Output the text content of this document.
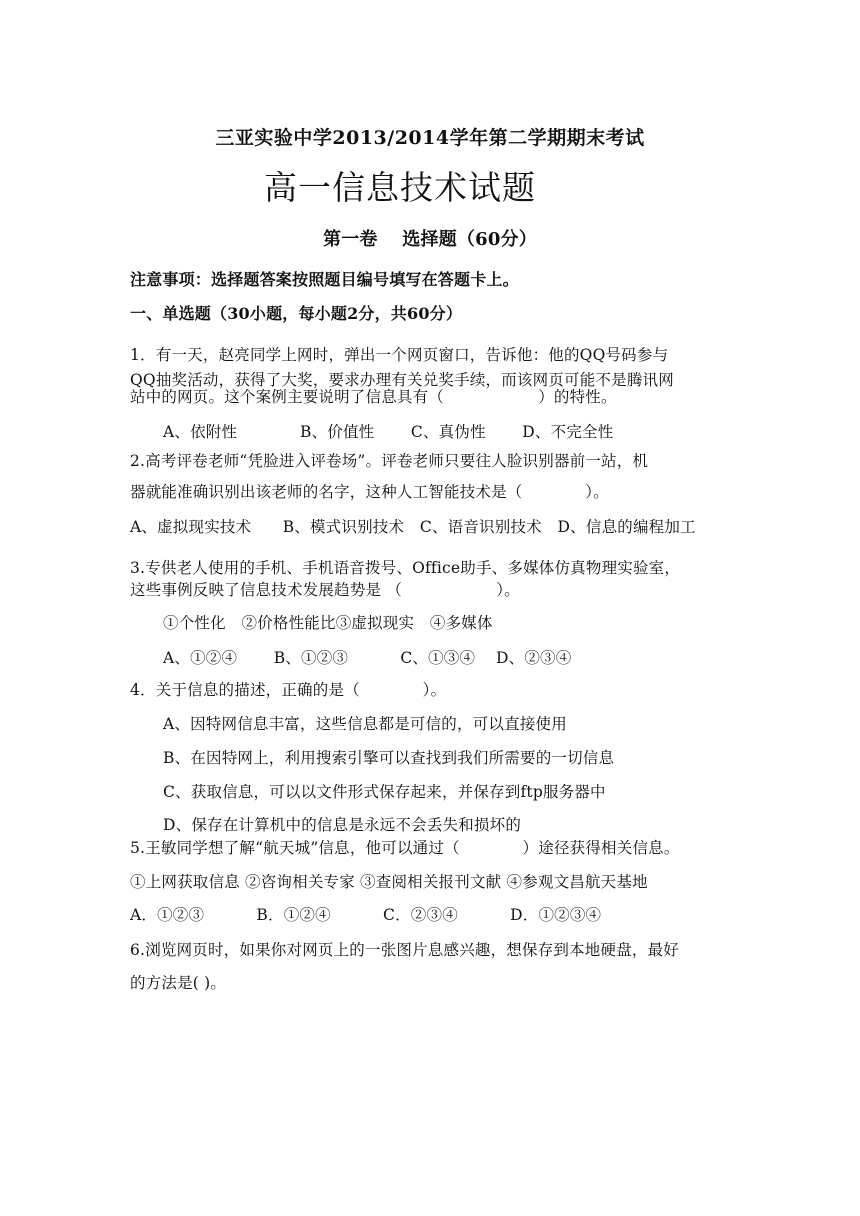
三亚实验中学2013/2014学年第二学期期末考试
高一信息技术试题
第一卷　 选择题（60分）
注意事项：选择题答案按照题目编号填写在答题卡上。
一、单选题（30小题，每小题2分，共60分）
1．有一天，赵亮同学上网时，弹出一个网页窗口，告诉他：他的QQ号码参与
QQ抽奖活动，获得了大奖，要求办理有关兑奖手续，而该网页可能不是腾讯网
站中的网页。这个案例主要说明了信息具有（　　　　　　）的特性。
A、依附性　　　　B、价值性　　 C、真伪性　　 D、不完全性
2.高考评卷老师“凭脸进入评卷场”。评卷老师只要往人脸识别器前一站，机
器就能准确识别出该老师的名字，这种人工智能技术是（　　　　）。
A、虚拟现实技术　　B、模式识别技术　C、语音识别技术　D、信息的编程加工
3.专供老人使用的手机、手机语音拨号、Office助手、多媒体仿真物理实验室，
这些事例反映了信息技术发展趋势是 （　　　　　　）。
①个性化　②价格性能比③虚拟现实　④多媒体
A、①②④　　 B、①②③　　　 C、①③④　 D、②③④
4．关于信息的描述，正确的是（　　　　）。
A、因特网信息丰富，这些信息都是可信的，可以直接使用
B、在因特网上，利用搜索引擎可以查找到我们所需要的一切信息
C、获取信息，可以以文件形式保存起来，并保存到ftp服务器中
D、保存在计算机中的信息是永远不会丢失和损坏的
5.王敏同学想了解“航天城”信息，他可以通过（　　　　）途径获得相关信息。
①上网获取信息 ②咨询相关专家 ③查阅相关报刊文献 ④参观文昌航天基地
A．①②③　　　 B．①②④　　　 C．②③④　　　 D．①②③④
6.浏览网页时，如果你对网页上的一张图片息感兴趣，想保存到本地硬盘，最好
的方法是( )。
